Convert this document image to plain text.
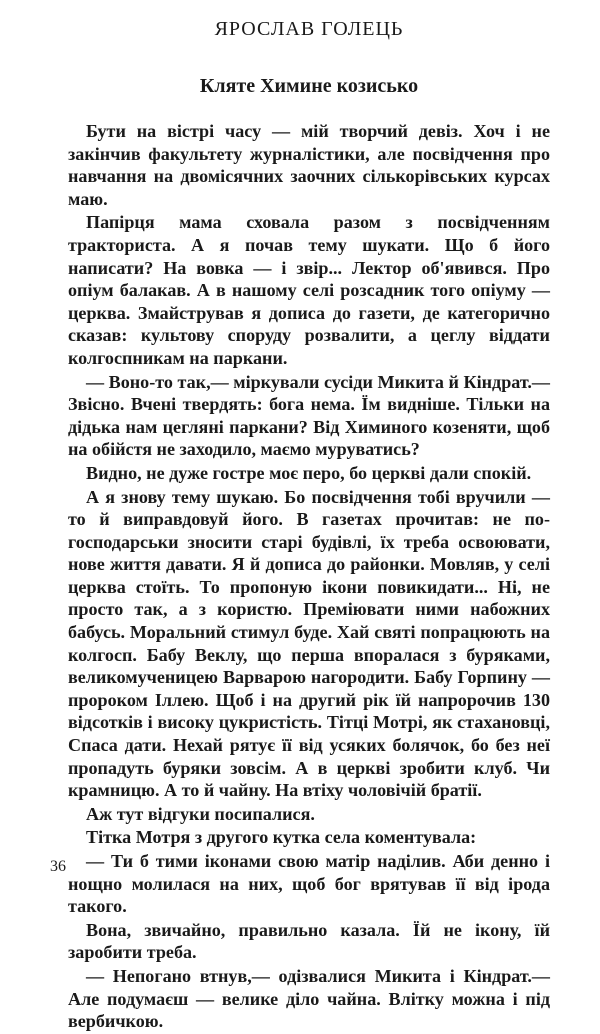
ЯРОСЛАВ ГОЛЕЦЬ
Кляте Химине козисько
Бути на вістрі часу — мій творчий девіз. Хоч і не закінчив факультету журналістики, але посвідчення про навчання на двомісячних заочних сількорівських курсах маю.
Папірця мама сховала разом з посвідченням тракториста. А я почав тему шукати. Що б його написати? На вовка — і звір... Лектор об'явився. Про опіум балакав. А в нашому селі розсадник того опіуму — церква. Змайстрував я дописа до газети, де категорично сказав: культову споруду розвалити, а цеглу віддати колгоспникам на паркани.
— Воно-то так,— міркували сусіди Микита й Кіндрат.— Звісно. Вчені твердять: бога нема. Їм видніше. Тільки на дідька нам цегляні паркани? Від Химиного козеняти, щоб на обійстя не заходило, маємо муруватись?
Видно, не дуже гостре моє перо, бо церкві дали спокій.
А я знову тему шукаю. Бо посвідчення тобі вручили — то й виправдовуй його. В газетах прочитав: не по-господарськи зносити старі будівлі, їх треба освоювати, нове життя давати. Я й дописа до районки. Мовляв, у селі церква стоїть. То пропоную ікони повикидати... Ні, не просто так, а з користю. Преміювати ними набожних бабусь. Моральний стимул буде. Хай святі попрацюють на колгосп. Бабу Веклу, що перша впоралася з буряками, великомученицею Варварою нагородити. Бабу Горпину — пророком Іллею. Щоб і на другий рік їй напророчив 130 відсотків і високу цукристість. Тітці Мотрі, як стахановці, Спаса дати. Нехай рятує її від усяких болячок, бо без неї пропадуть буряки зовсім. А в церкві зробити клуб. Чи крамницю. А то й чайну. На втіху чоловічій братії.
Аж тут відгуки посипалися.
Тітка Мотря з другого кутка села коментувала:
— Ти б тими іконами свою матір наділив. Аби денно і нощно молилася на них, щоб бог врятував її від ірода такого.
Вона, звичайно, правильно казала. Їй не ікону, їй заробити треба.
— Непогано втнув,— одізвалися Микита і Кіндрат.— Але подумаєш — велике діло чайна. Влітку можна і під вербичкою.
36
